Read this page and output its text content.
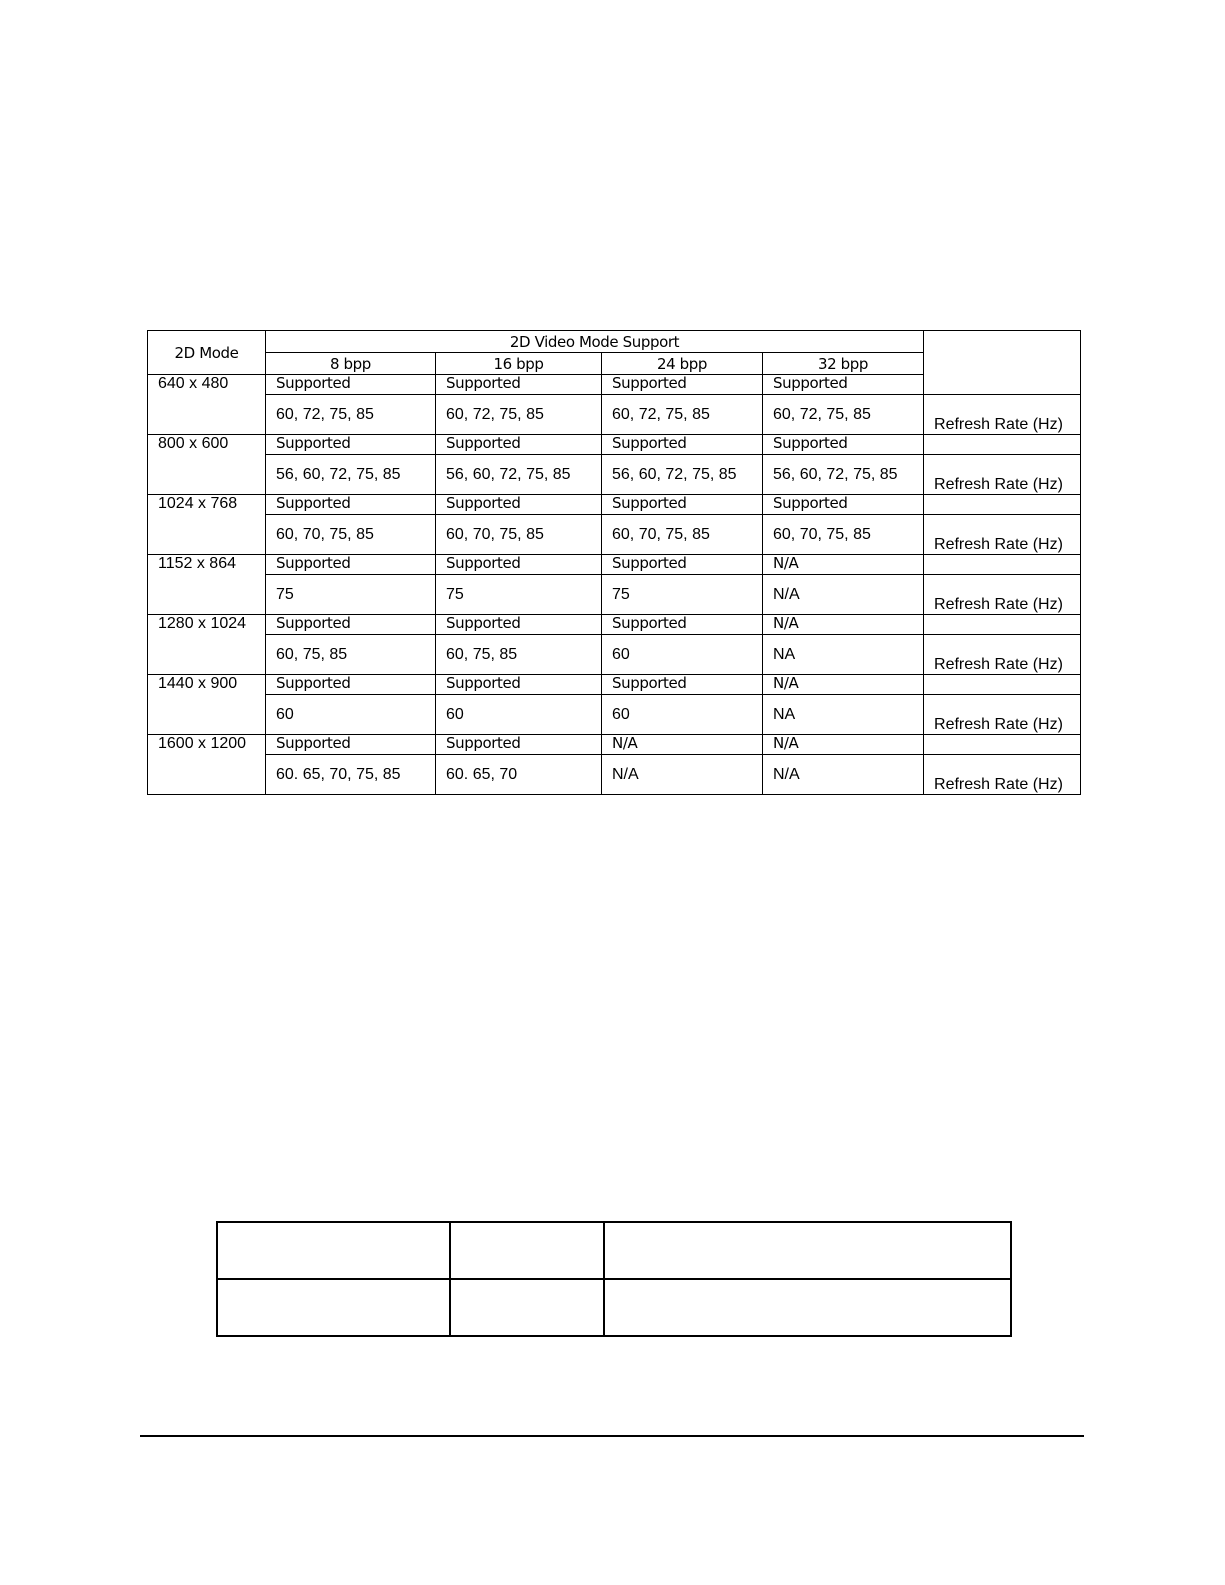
2D Mode	2D Video Mode Support				
	8 bpp	16 bpp	24 bpp	32 bpp	
640 x 480	Supported	Supported	Supported	Supported	
	60, 72, 75, 85	60, 72, 75, 85	60, 72, 75, 85	60, 72, 75, 85	Refresh Rate (Hz)
800 x 600	Supported	Supported	Supported	Supported	
	56, 60, 72, 75, 85	56, 60, 72, 75, 85	56, 60, 72, 75, 85	56, 60, 72, 75, 85	Refresh Rate (Hz)
1024 x 768	Supported	Supported	Supported	Supported	
	60, 70, 75, 85	60, 70, 75, 85	60, 70, 75, 85	60, 70, 75, 85	Refresh Rate (Hz)
1152 x 864	Supported	Supported	Supported	N/A	
	75	75	75	N/A	Refresh Rate (Hz)
1280 x 1024	Supported	Supported	Supported	N/A	
	60, 75, 85	60, 75, 85	60	NA	Refresh Rate (Hz)
1440 x 900	Supported	Supported	Supported	N/A	
	60	60	60	NA	Refresh Rate (Hz)
1600 x 1200	Supported	Supported	N/A	N/A	
	60. 65, 70, 75, 85	60. 65, 70	N/A	N/A	Refresh Rate (Hz)
